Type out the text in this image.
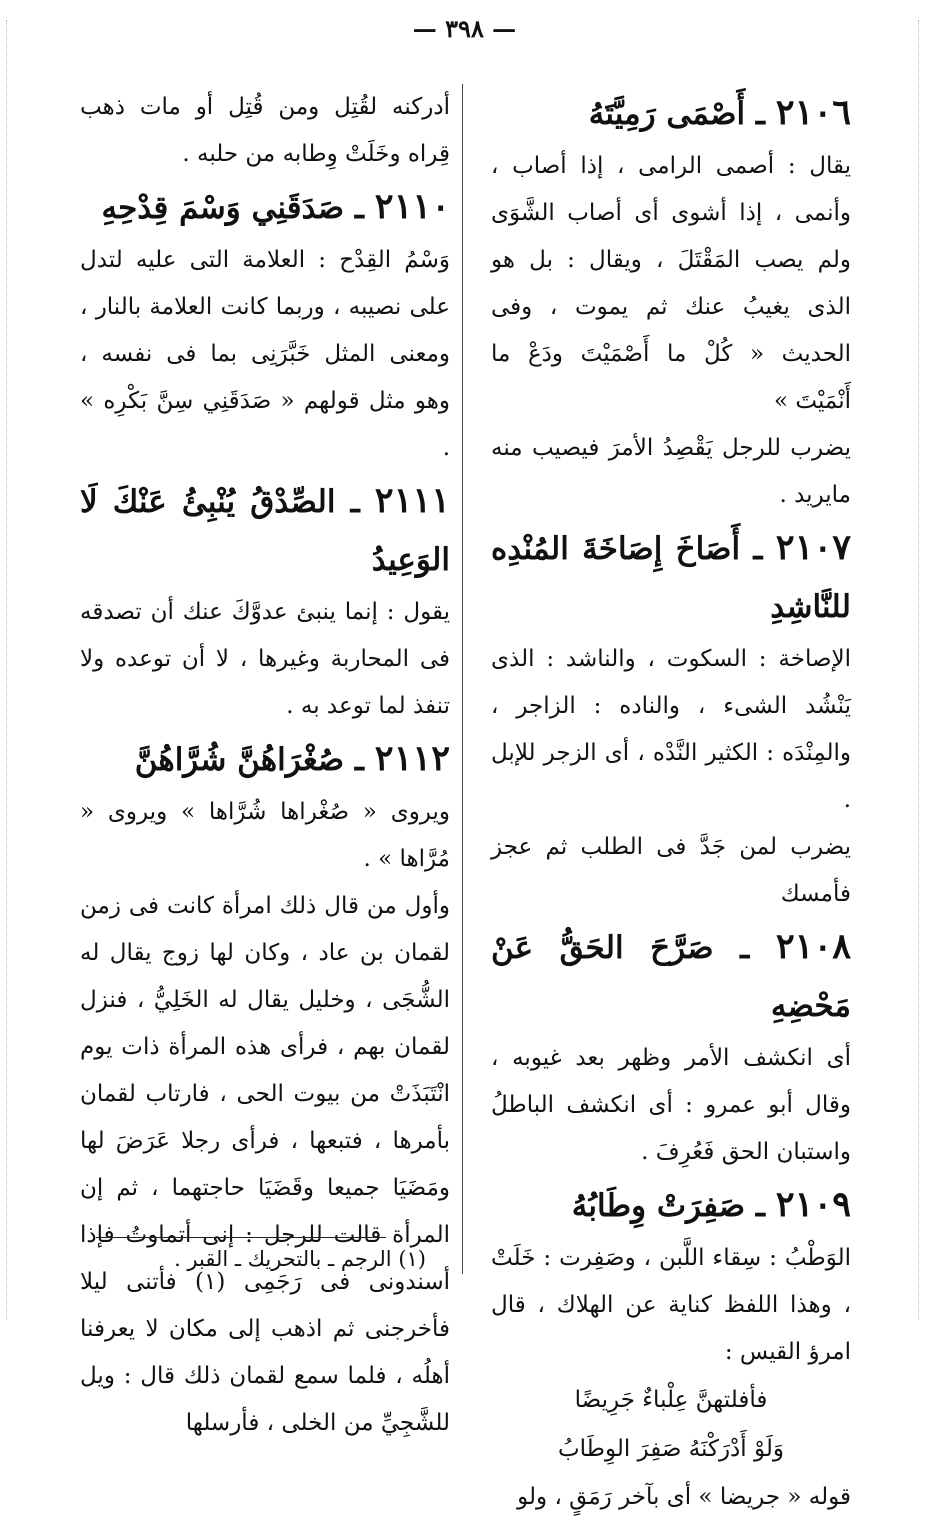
— ٣٩٨ —
٢١٠٦ ـ أَصْمَى رَمِيَّتَهُ

يقال : أصمى الرامى ، إذا أصاب ، وأنمى ، إذا أشوى أى أصاب الشَّوَى ولم يصب المَقْتَلَ ، ويقال : بل هو الذى يغيبُ عنك ثم يموت ، وفى الحديث « كُلْ ما أَصْمَيْتَ ودَعْ ما أَنْمَيْتَ »

يضرب للرجل يَقْصِدُ الأمرَ فيصيب منه مايريد .

٢١٠٧ ـ أَصَاخَ إِصَاخَةَ المُنْدِه للنَّاشِدِ

الإصاخة : السكوت ، والناشد : الذى يَنْشُد الشىء ، والناده : الزاجر ، والمِنْدَه : الكثير النَّدْه ، أى الزجر للإبل .

يضرب لمن جَدَّ فى الطلب ثم عجز فأمسك

٢١٠٨ ـ صَرَّحَ الحَقُّ عَنْ مَحْضِهِ

أى انكشف الأمر وظهر بعد غيوبه ، وقال أبو عمرو : أى انكشف الباطلُ واستبان الحق فَعُرِفَ .

٢١٠٩ ـ صَفِرَتْ وِطَابُهُ

الوَطْبُ : سِقاء اللَّبن ، وصَفِرت : خَلَتْ ، وهذا اللفظ كناية عن الهلاك ، قال امرؤ القيس :

فأفلتهنَّ عِلْباءٌ جَرِيضًا
وَلَوْ أَدْرَكْنَهُ صَفِرَ الوِطَابُ

قوله « جريضا » أى بآخر رَمَقٍ ، ولو

أدركنه لقُتِل ومن قُتِل أو مات ذهب قِراه وخَلَتْ وِطابه من حلبه .

٢١١٠ ـ صَدَقَنِي وَسْمَ قِدْحِهِ

وَسْمُ القِدْح : العلامة التى عليه لتدل على نصيبه ، وربما كانت العلامة بالنار ، ومعنى المثل خَبَّرَنِى بما فى نفسه ، وهو مثل قولهم « صَدَقَنِي سِنَّ بَكْرِه » .

٢١١١ ـ الصِّدْقُ يُنْبِئُ عَنْكَ لَا الوَعِيدُ

يقول : إنما ينبئ عدوَّكَ عنك أن تصدقه فى المحاربة وغيرها ، لا أن توعده ولا تنفذ لما توعد به .

٢١١٢ ـ صُغْرَاهُنَّ شُرَّاهُنَّ

ويروى « صُغْراها شُرَّاها » ويروى « مُرَّاها » .

وأول من قال ذلك امرأة كانت فى زمن لقمان بن عاد ، وكان لها زوج يقال له الشُّجَى ، وخليل يقال له الخَلِيُّ ، فنزل لقمان بهم ، فرأى هذه المرأة ذات يوم انْتَبَذَتْ من بيوت الحى ، فارتاب لقمان بأمرها ، فتبعها ، فرأى رجلا عَرَضَ لها ومَضَيَا جميعا وقَضَيَا حاجتهما ، ثم إن المرأة قالت للرجل : إنى أتماوتُ فإذا أسندونى فى رَجَمِى (١) فأتنى ليلا فأخرجنى ثم اذهب إلى مكان لا يعرفنا أهلُه ، فلما سمع لقمان ذلك قال : ويل للشَّجِيِّ من الخلى ، فأرسلها

(١) الرجم ـ بالتحريك ـ القبر .
